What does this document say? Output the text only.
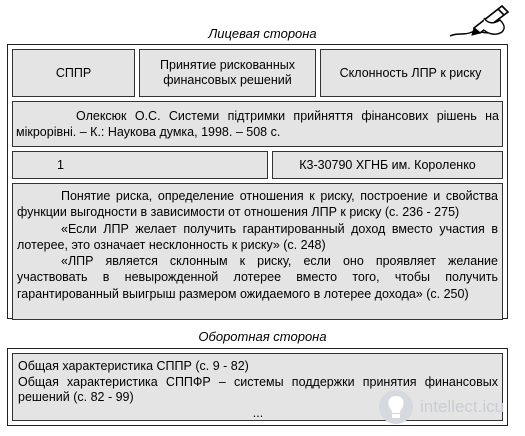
Лицевая сторона
СППР
Принятие рискованных финансовых решений
Склонность ЛПР к риску
Олексюк О.С. Системи підтримки прийняття фінансових рішень на мікрорівні. – К.: Наукова думка, 1998. – 508 с.
1	К3-30790 ХГНБ им. Короленко
Понятие риска, определение отношения к риску, построение и свойства функции выгодности в зависимости от отношения ЛПР к риску (с. 236 - 275)
«Если ЛПР желает получить гарантированный доход вместо участия в лотерее, это означает несклонность к риску» (с. 248)
«ЛПР является склонным к риску, если оно проявляет желание участвовать в невырожденной лотерее вместо того, чтобы получить гарантированный выигрыш размером ожидаемого в лотерее дохода» (с. 250)
Оборотная сторона
Общая характеристика СППР (с. 9 - 82)
Общая характеристика СППФР – системы поддержки принятия финансовых решений (с. 82 - 99)
...	intellect.icu
